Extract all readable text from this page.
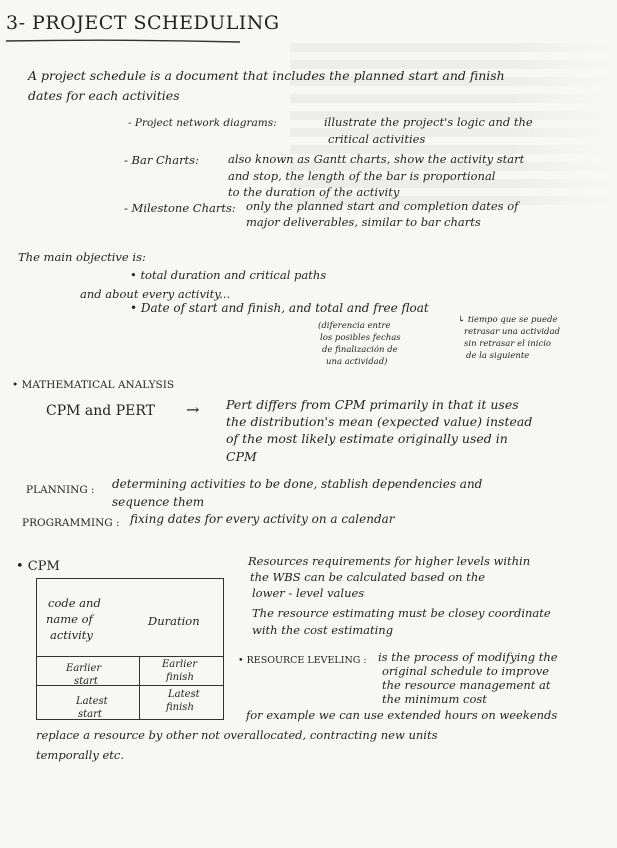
3- PROJECT SCHEDULING
A project schedule is a document that includes the planned start and finish
dates for each activities
- Project network diagrams:	illustrate the project's logic and the
critical activities
- Bar Charts:	also known as Gantt charts, show the activity start
and stop, the length of the bar is proportional
to the duration of the activity
- Milestone Charts: only the planned start and completion dates of
major deliverables, similar to bar charts
The main objective is:
• total duration and critical paths
and about every activity...
• Date of start and finish, and total and free float
(diferencia entre
los posibles fechas
de finalización de
una actividad)
↳ tiempo que se puede
retrasar una actividad
sin retrasar el inicio
de la siguiente
• MATHEMATICAL ANALYSIS
CPM and PERT → Pert differs from CPM primarily in that it uses
the distribution's mean (expected value) instead
of the most likely estimate originally used in
CPM
PLANNING : determining activities to be done, stablish dependencies and
sequence them
PROGRAMMING : fixing dates for every activity on a calendar
• CPM
code and
name of
activity
Duration
Earlier
start
Earlier
finish
Latest
start
Latest
finish
Resources requirements for higher levels within
the WBS can be calculated based on the
lower - level values
The resource estimating must be closey coordinate
with the cost estimating
• RESOURCE LEVELING : is the process of modifying the
original schedule to improve
the resource management at
the minimum cost
for example we can use extended hours on weekends
replace a resource by other not overallocated, contracting new units
temporally etc.
